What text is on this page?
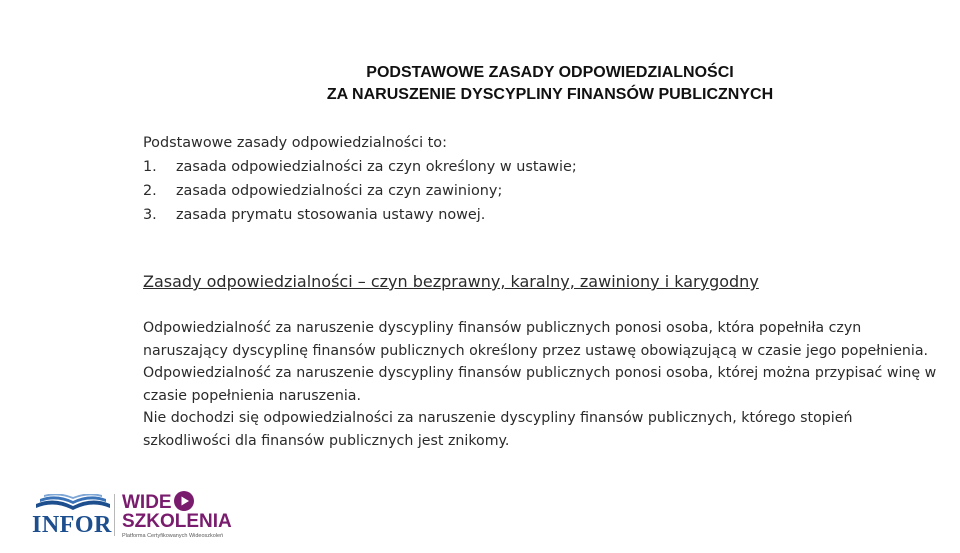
PODSTAWOWE ZASADY ODPOWIEDZIALNOŚCI
ZA NARUSZENIE DYSCYPLINY FINANSÓW PUBLICZNYCH
Podstawowe zasady odpowiedzialności to:
1. zasada odpowiedzialności za czyn określony w ustawie;
2. zasada odpowiedzialności za czyn zawiniony;
3. zasada prymatu stosowania ustawy nowej.
Zasady odpowiedzialności – czyn bezprawny, karalny, zawiniony i karygodny

Odpowiedzialność za naruszenie dyscypliny finansów publicznych ponosi osoba, która popełniła czyn naruszający dyscyplinę finansów publicznych określony przez ustawę obowiązującą w czasie jego popełnienia.

Odpowiedzialność za naruszenie dyscypliny finansów publicznych ponosi osoba, której można przypisać winę w czasie popełnienia naruszenia.

Nie dochodzi się odpowiedzialności za naruszenie dyscypliny finansów publicznych, którego stopień szkodliwości dla finansów publicznych jest znikomy.

INFOR
WIDE
SZKOLENIA
Platforma Certyfikowanych Wideoszkoleń
